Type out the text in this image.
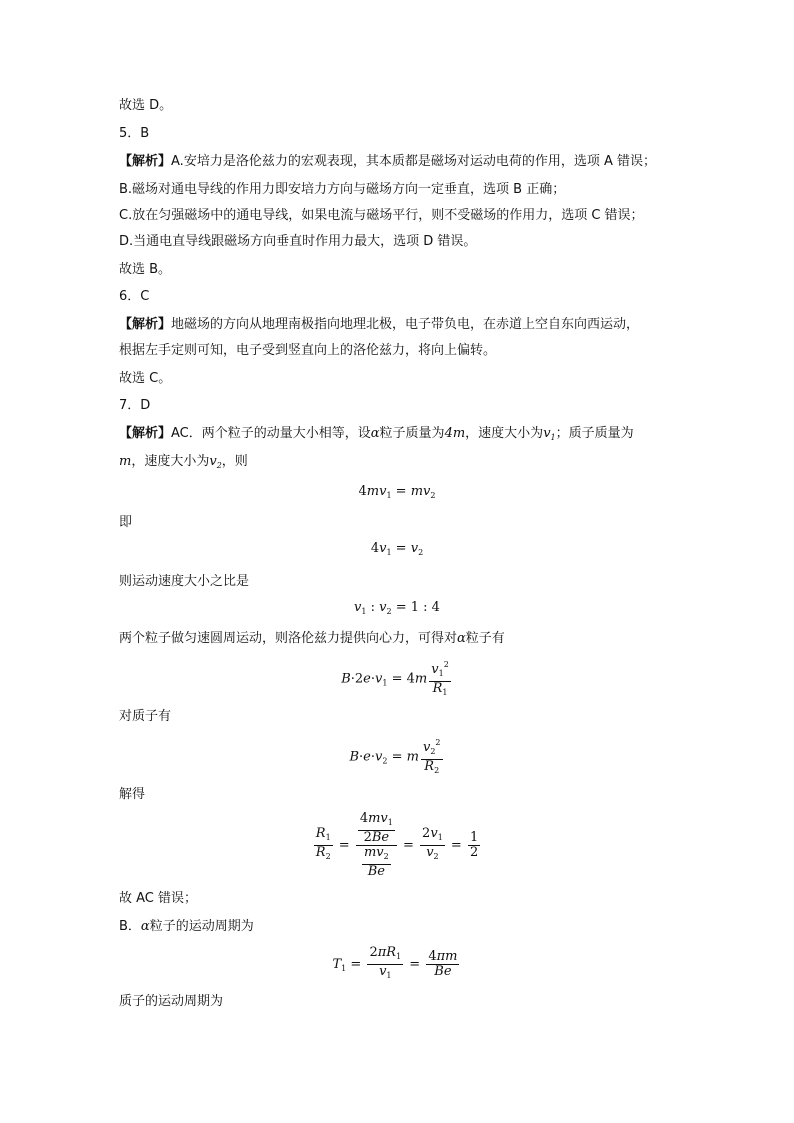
故选 D。
5．B
【解析】A.安培力是洛伦兹力的宏观表现，其本质都是磁场对运动电荷的作用，选项 A 错误；
B.磁场对通电导线的作用力即安培力方向与磁场方向一定垂直，选项 B 正确；
C.放在匀强磁场中的通电导线，如果电流与磁场平行，则不受磁场的作用力，选项 C 错误；
D.当通电直导线跟磁场方向垂直时作用力最大，选项 D 错误。
故选 B。
6．C
【解析】地磁场的方向从地理南极指向地理北极，电子带负电，在赤道上空自东向西运动，
根据左手定则可知，电子受到竖直向上的洛伦兹力，将向上偏转。
故选 C。
7．D
【解析】AC．两个粒子的动量大小相等，设α粒子质量为4m，速度大小为$v_1$；质子质量为
m，速度大小为$v_2$，则
$4mv_1 = mv_2$
即
$4v_1 = v_2$
则运动速度大小之比是
$v_1$ : $v_2 = 1$ : 4
两个粒子做匀速圆周运动，则洛伦兹力提供向心力，可得对α粒子有
$B\cdot 2e\cdot v_1 = 4m \frac{v_1^2}{R_1}$
对质子有
$B\cdot e\cdot v_2 = m \frac{v_2^2}{R_2}$
解得
$\frac{R_1}{R_2} = \frac{\frac{4mv_1}{2Be}}{\frac{mv_2}{Be}} = \frac{2v_1}{v_2} = \frac{1}{2}$
故 AC 错误；
B．α粒子的运动周期为
$T_1 = \frac{2\pi R_1}{v_1} = \frac{4\pi m}{Be}$
质子的运动周期为
